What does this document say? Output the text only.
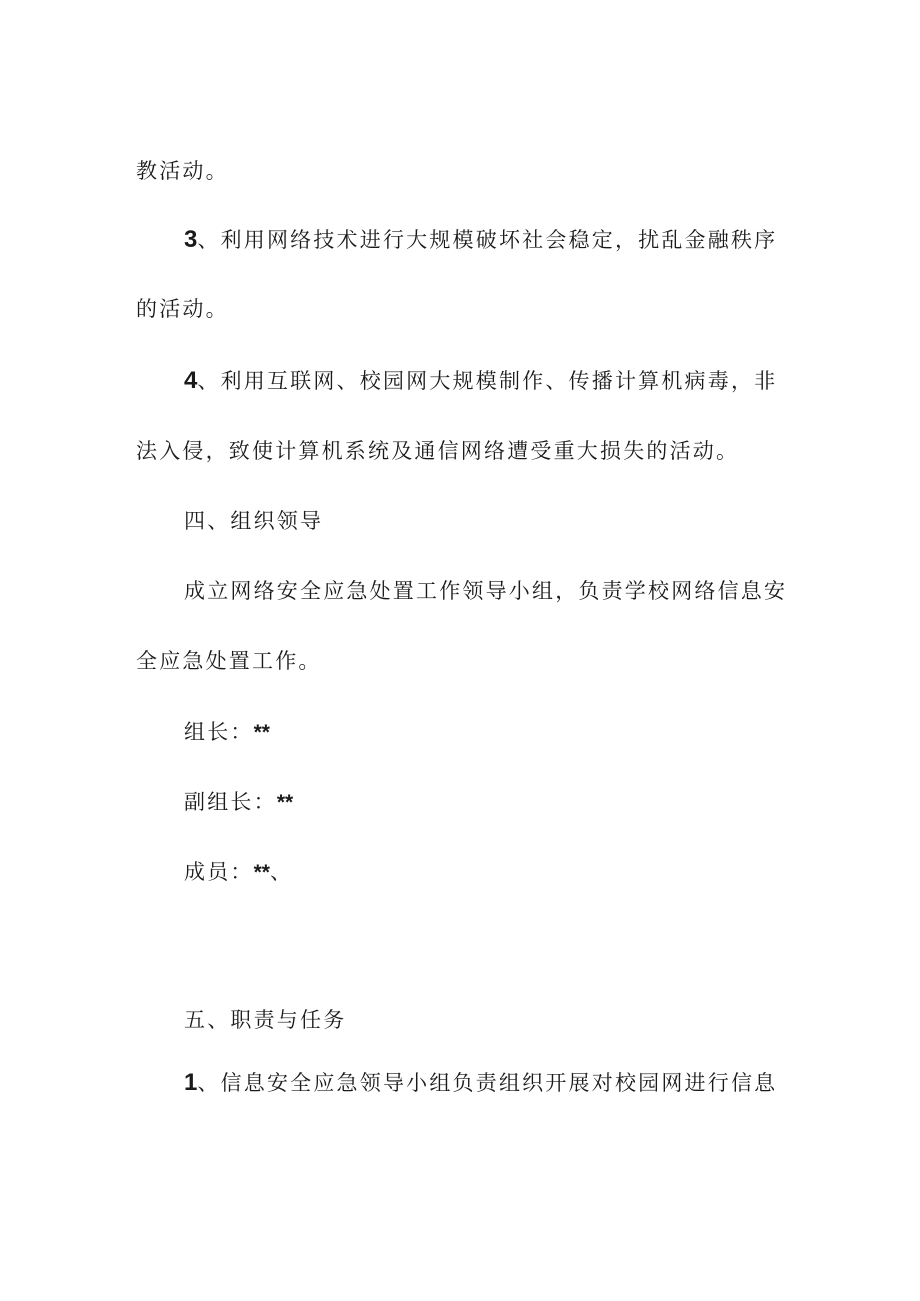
教活动。
3、利用网络技术进行大规模破坏社会稳定，扰乱金融秩序
的活动。
4、利用互联网、校园网大规模制作、传播计算机病毒，非
法入侵，致使计算机系统及通信网络遭受重大损失的活动。
四、组织领导
成立网络安全应急处置工作领导小组，负责学校网络信息安
全应急处置工作。
组长：**
副组长：**
成员：**、
五、职责与任务
1、信息安全应急领导小组负责组织开展对校园网进行信息
